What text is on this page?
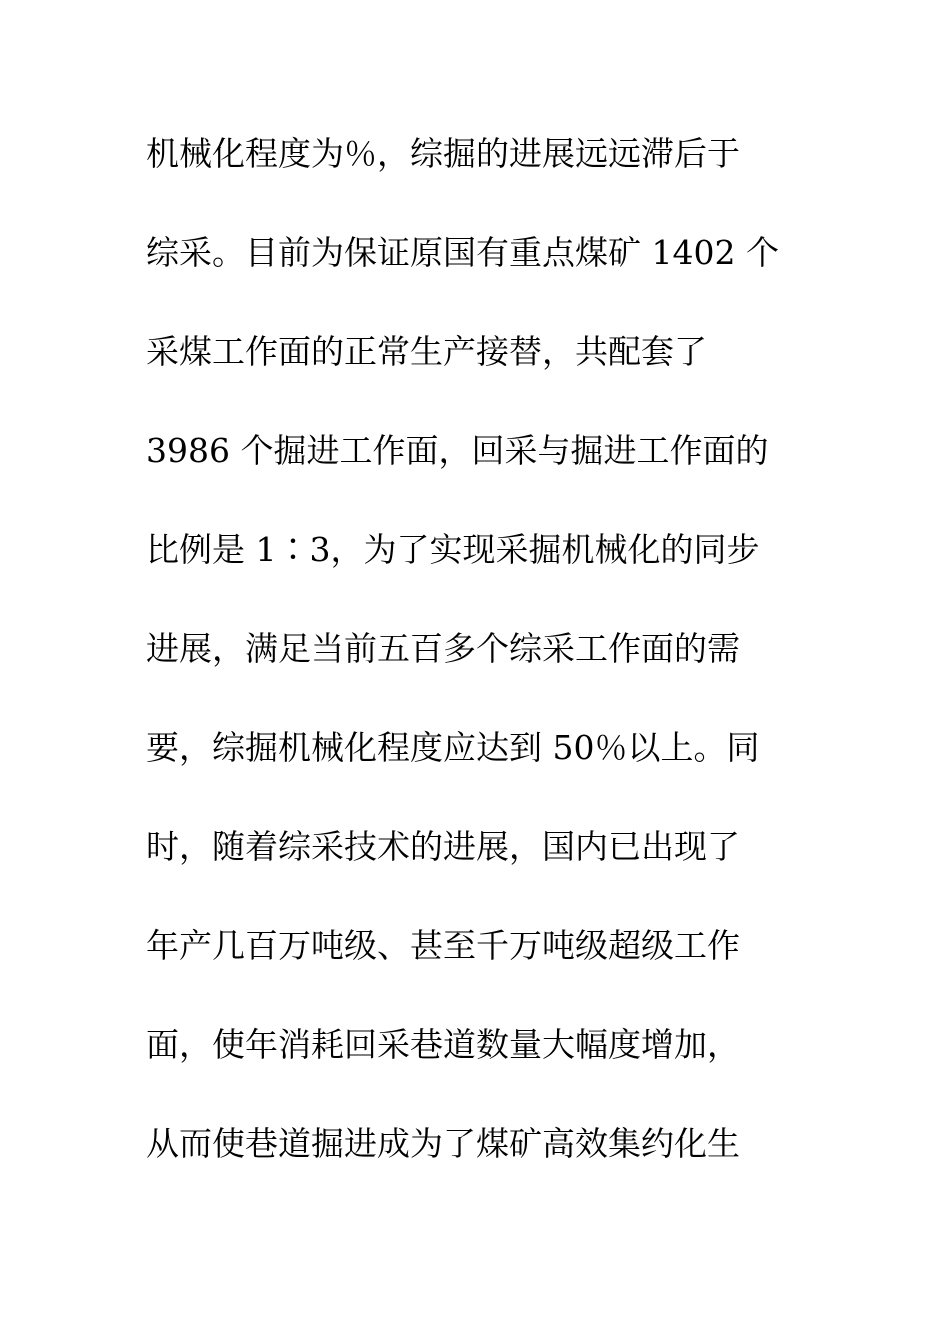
机械化程度为％，综掘的进展远远滞后于
综采。目前为保证原国有重点煤矿 1402 个
采煤工作面的正常生产接替，共配套了
3986 个掘进工作面，回采与掘进工作面的
比例是 1∶3，为了实现采掘机械化的同步
进展，满足当前五百多个综采工作面的需
要，综掘机械化程度应达到 50％以上。同
时，随着综采技术的进展，国内已出现了
年产几百万吨级、甚至千万吨级超级工作
面，使年消耗回采巷道数量大幅度增加，
从而使巷道掘进成为了煤矿高效集约化生
